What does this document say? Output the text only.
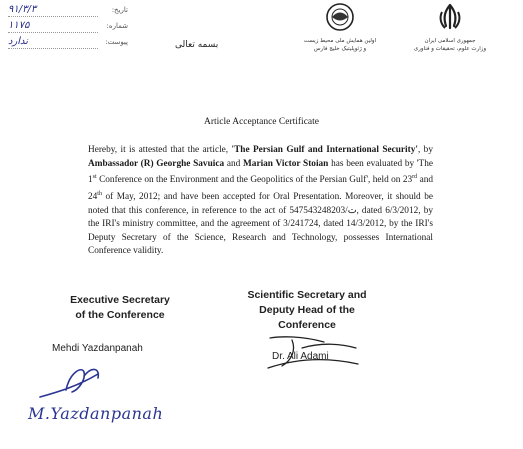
تاریخ:
۹۱/۳/۳
شماره:
۱۱۷۵
پیوست:
ندارد	بسمه تعالی	اولین همایش ملی محیط زیست
و ژئوپلیتیک خلیج فارس
جمهوری اسلامی ایران
وزارت علوم، تحقیقات و فناوری
Article Acceptance Certificate
Hereby, it is attested that the article, 'The Persian Gulf and International Security', by Ambassador (R) Georghe Savuica and Marian Victor Stoian has been evaluated by 'The 1st Conference on the Environment and the Geopolitics of the Persian Gulf', held on 23rd and 24th of May, 2012; and have been accepted for Oral Presentation. Moreover, it should be noted that this conference, in reference to the act of 547543‏ت/248203, dated 6/3/2012, by the IRI's ministry committee, and the agreement of 3/241724, dated 14/3/2012, by the IRI's Deputy Secretary of the Science, Research and Technology, possesses International Conference validity.
Executive Secretary
of the Conference
Mehdi Yazdanpanah
M.Yazdanpanah
Scientific Secretary and
Deputy Head of the
Conference
Dr. Ali Adami
